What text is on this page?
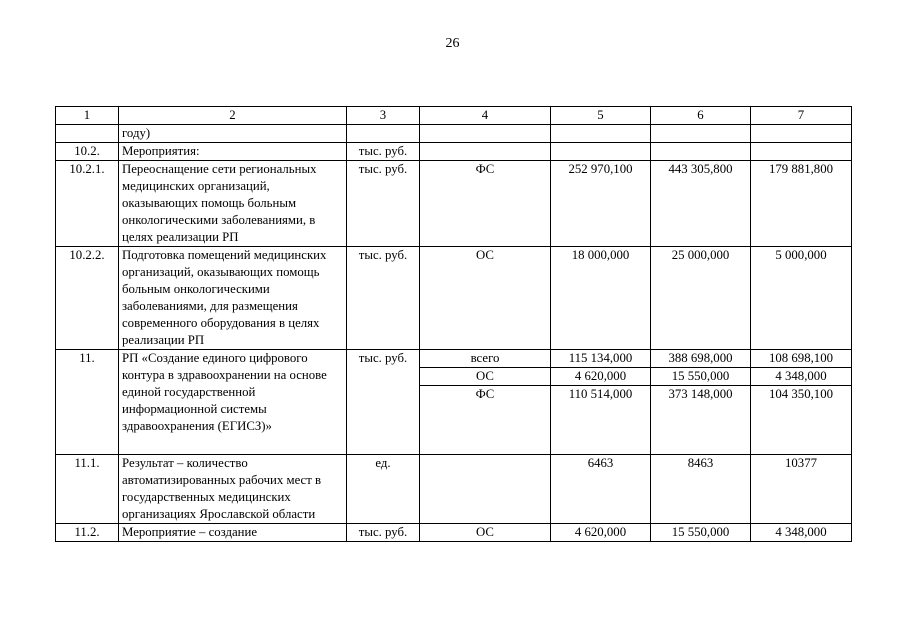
26
1	2	3	4	5	6	7
	году)					
10.2.	Мероприятия:	тыс. руб.				
10.2.1.	Переоснащение сети региональных медицинских организаций, оказывающих помощь больным онкологическими заболеваниями, в целях реализации РП	тыс. руб.	ФС	252 970,100	443 305,800	179 881,800
10.2.2.	Подготовка помещений медицинских организаций, оказывающих помощь больным онкологическими заболеваниями, для размещения современного оборудования в целях реализации РП	тыс. руб.	ОС	18 000,000	25 000,000	5 000,000
11.	РП «Создание единого цифрового контура в здравоохранении на основе единой государственной информационной системы здравоохранения (ЕГИСЗ)»	тыс. руб.	всего	115 134,000	388 698,000	108 698,100
			ОС	4 620,000	15 550,000	4 348,000
			ФС	110 514,000	373 148,000	104 350,100
11.1.	Результат – количество автоматизированных рабочих мест в государственных медицинских организациях Ярославской области	ед.		6463	8463	10377
11.2.	Мероприятие – создание	тыс. руб.	ОС	4 620,000	15 550,000	4 348,000
